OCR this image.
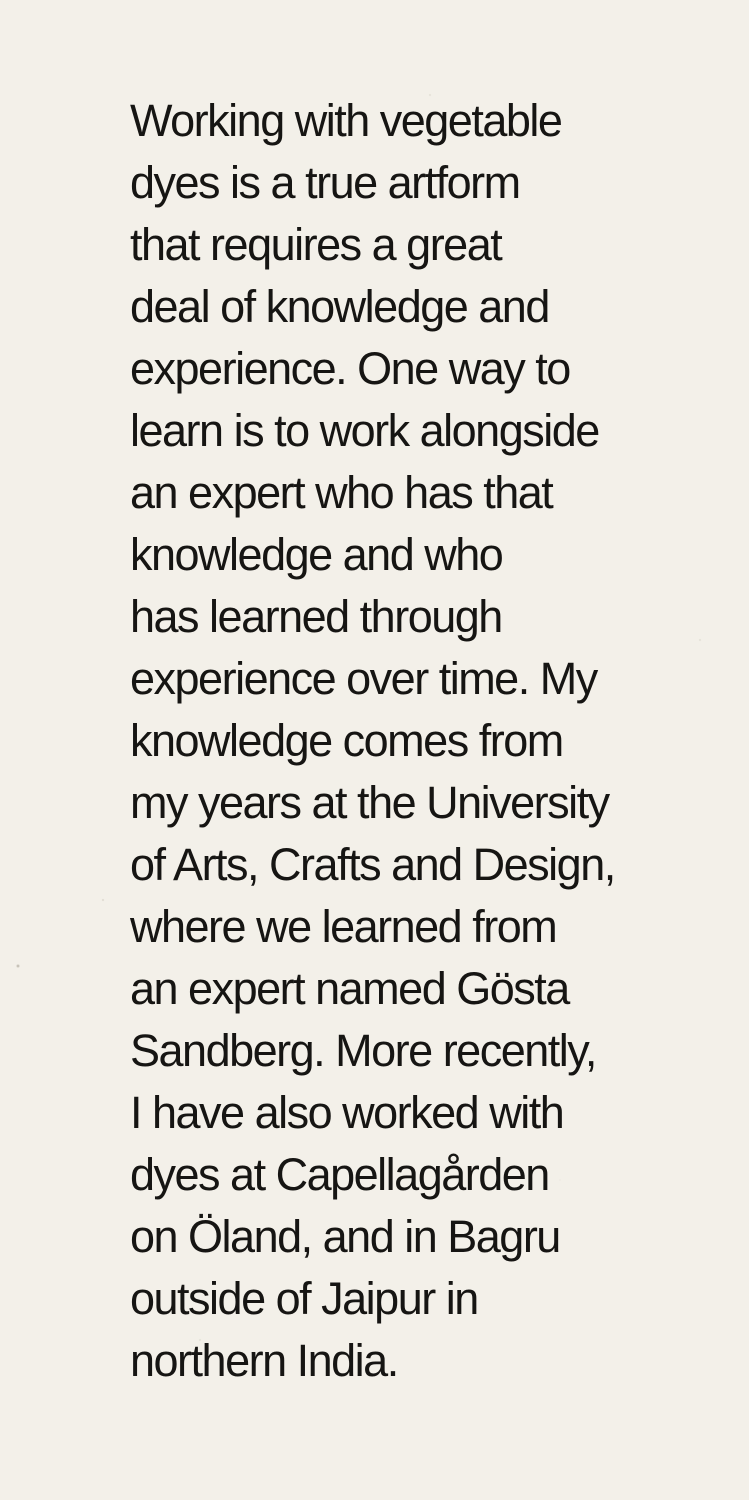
Working with vegetable
dyes is a true artform
that requires a great
deal of knowledge and
experience. One way to
learn is to work alongside
an expert who has that
knowledge and who
has learned through
experience over time. My
knowledge comes from
my years at the University
of Arts, Crafts and Design,
where we learned from
an expert named Gösta
Sandberg. More recently,
I have also worked with
dyes at Capellagården
on Öland, and in Bagru
outside of Jaipur in
northern India.
